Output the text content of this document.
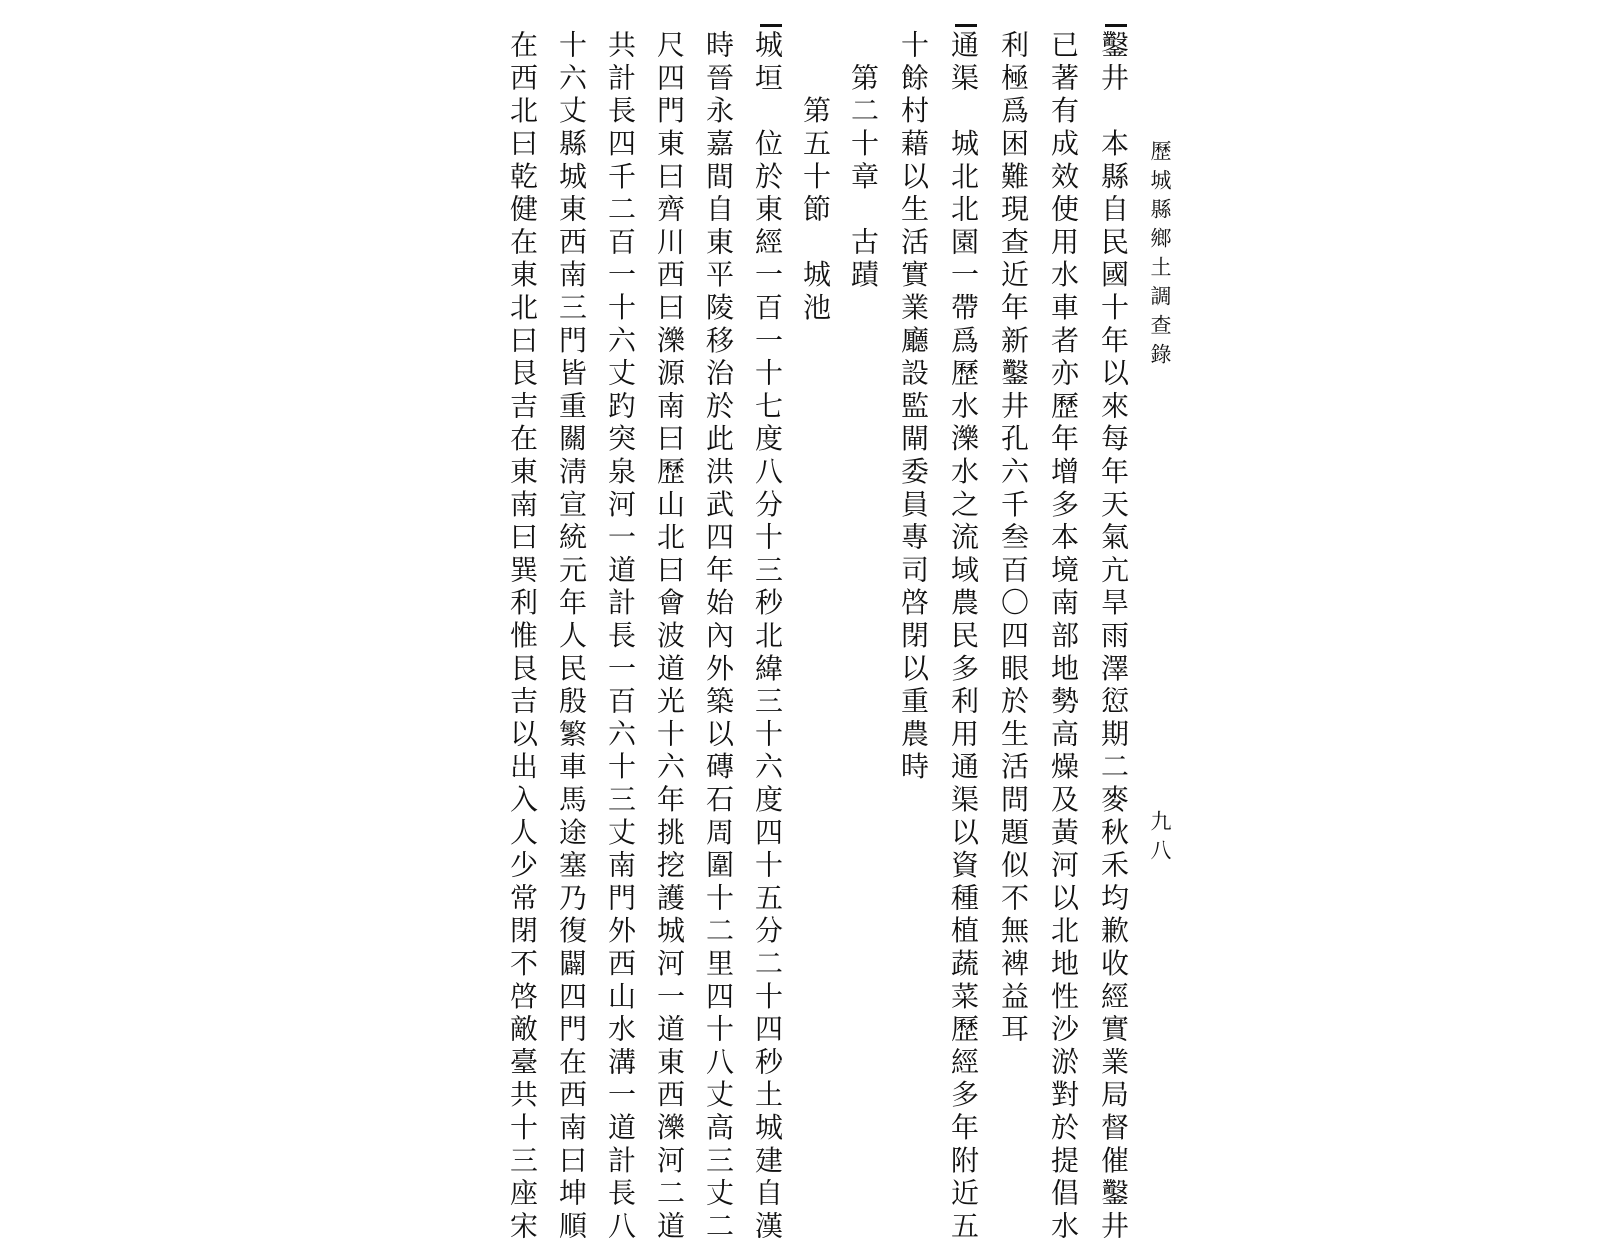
歷城縣鄉土調查錄
九八
鑿井　本縣自民國十年以來每年天氣亢旱雨澤愆期二麥秋禾均歉收經實業局督催鑿井
已著有成效使用水車者亦歷年增多本境南部地勢高燥及黃河以北地性沙淤對於提倡水
利極爲困難現查近年新鑿井孔六千叁百〇四眼於生活問題似不無裨益耳
通渠　城北北園一帶爲歷水濼水之流域農民多利用通渠以資種植蔬菜歷經多年附近五
十餘村藉以生活實業廳設監閘委員專司啓閉以重農時
　第二十章　古蹟
　　第五十節　城池
城垣　位於東經一百一十七度八分十三秒北緯三十六度四十五分二十四秒土城建自漢
時晉永嘉間自東平陵移治於此洪武四年始內外築以磚石周圍十二里四十八丈高三丈二
尺四門東曰齊川西曰濼源南曰歷山北曰會波道光十六年挑挖護城河一道東西濼河二道
共計長四千二百一十六丈趵突泉河一道計長一百六十三丈南門外西山水溝一道計長八
十六丈縣城東西南三門皆重關淸宣統元年人民殷繁車馬途塞乃復闢四門在西南曰坤順
在西北曰乾健在東北曰艮吉在東南曰巽利惟艮吉以出入人少常閉不啓敵臺共十三座宋
